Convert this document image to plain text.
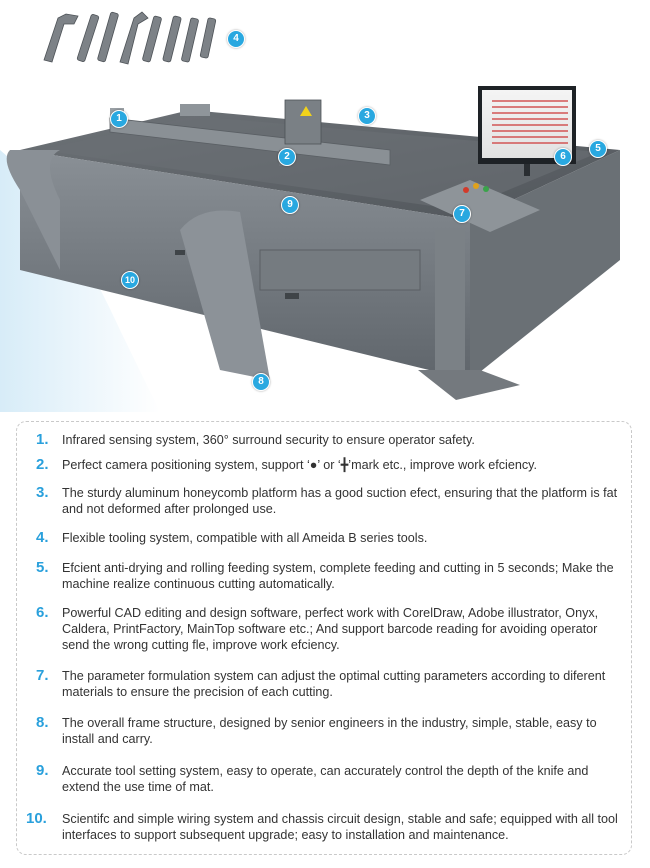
1
2
3
4
5
6
7
8
9
10
1. Infrared sensing system, 360° surround security to ensure operator safety.
2. Perfect camera positioning system, support ‘●’ or ‘╋’mark etc., improve work efciency.
3. The sturdy aluminum honeycomb platform has a good suction efect, ensuring that the platform is fat and not deformed after prolonged use.
4. Flexible tooling system, compatible with all Ameida B series tools.
5. Efcient anti-drying and rolling feeding system, complete feeding and cutting in 5 seconds; Make the machine realize continuous cutting automatically.
6. Powerful CAD editing and design software, perfect work with CorelDraw, Adobe illustrator, Onyx, Caldera, PrintFactory, MainTop software etc.; And support barcode reading for avoiding operator send the wrong cutting fle, improve work efciency.
7. The parameter formulation system can adjust the optimal cutting parameters according to diferent materials to ensure the precision of each cutting.
8. The overall frame structure, designed by senior engineers in the industry, simple, stable, easy to install and carry.
9. Accurate tool setting system, easy to operate, can accurately control the depth of the knife and extend the use time of mat.
10. Scientifc and simple wiring system and chassis circuit design, stable and safe; equipped with all tool interfaces to support subsequent upgrade; easy to installation and maintenance.
